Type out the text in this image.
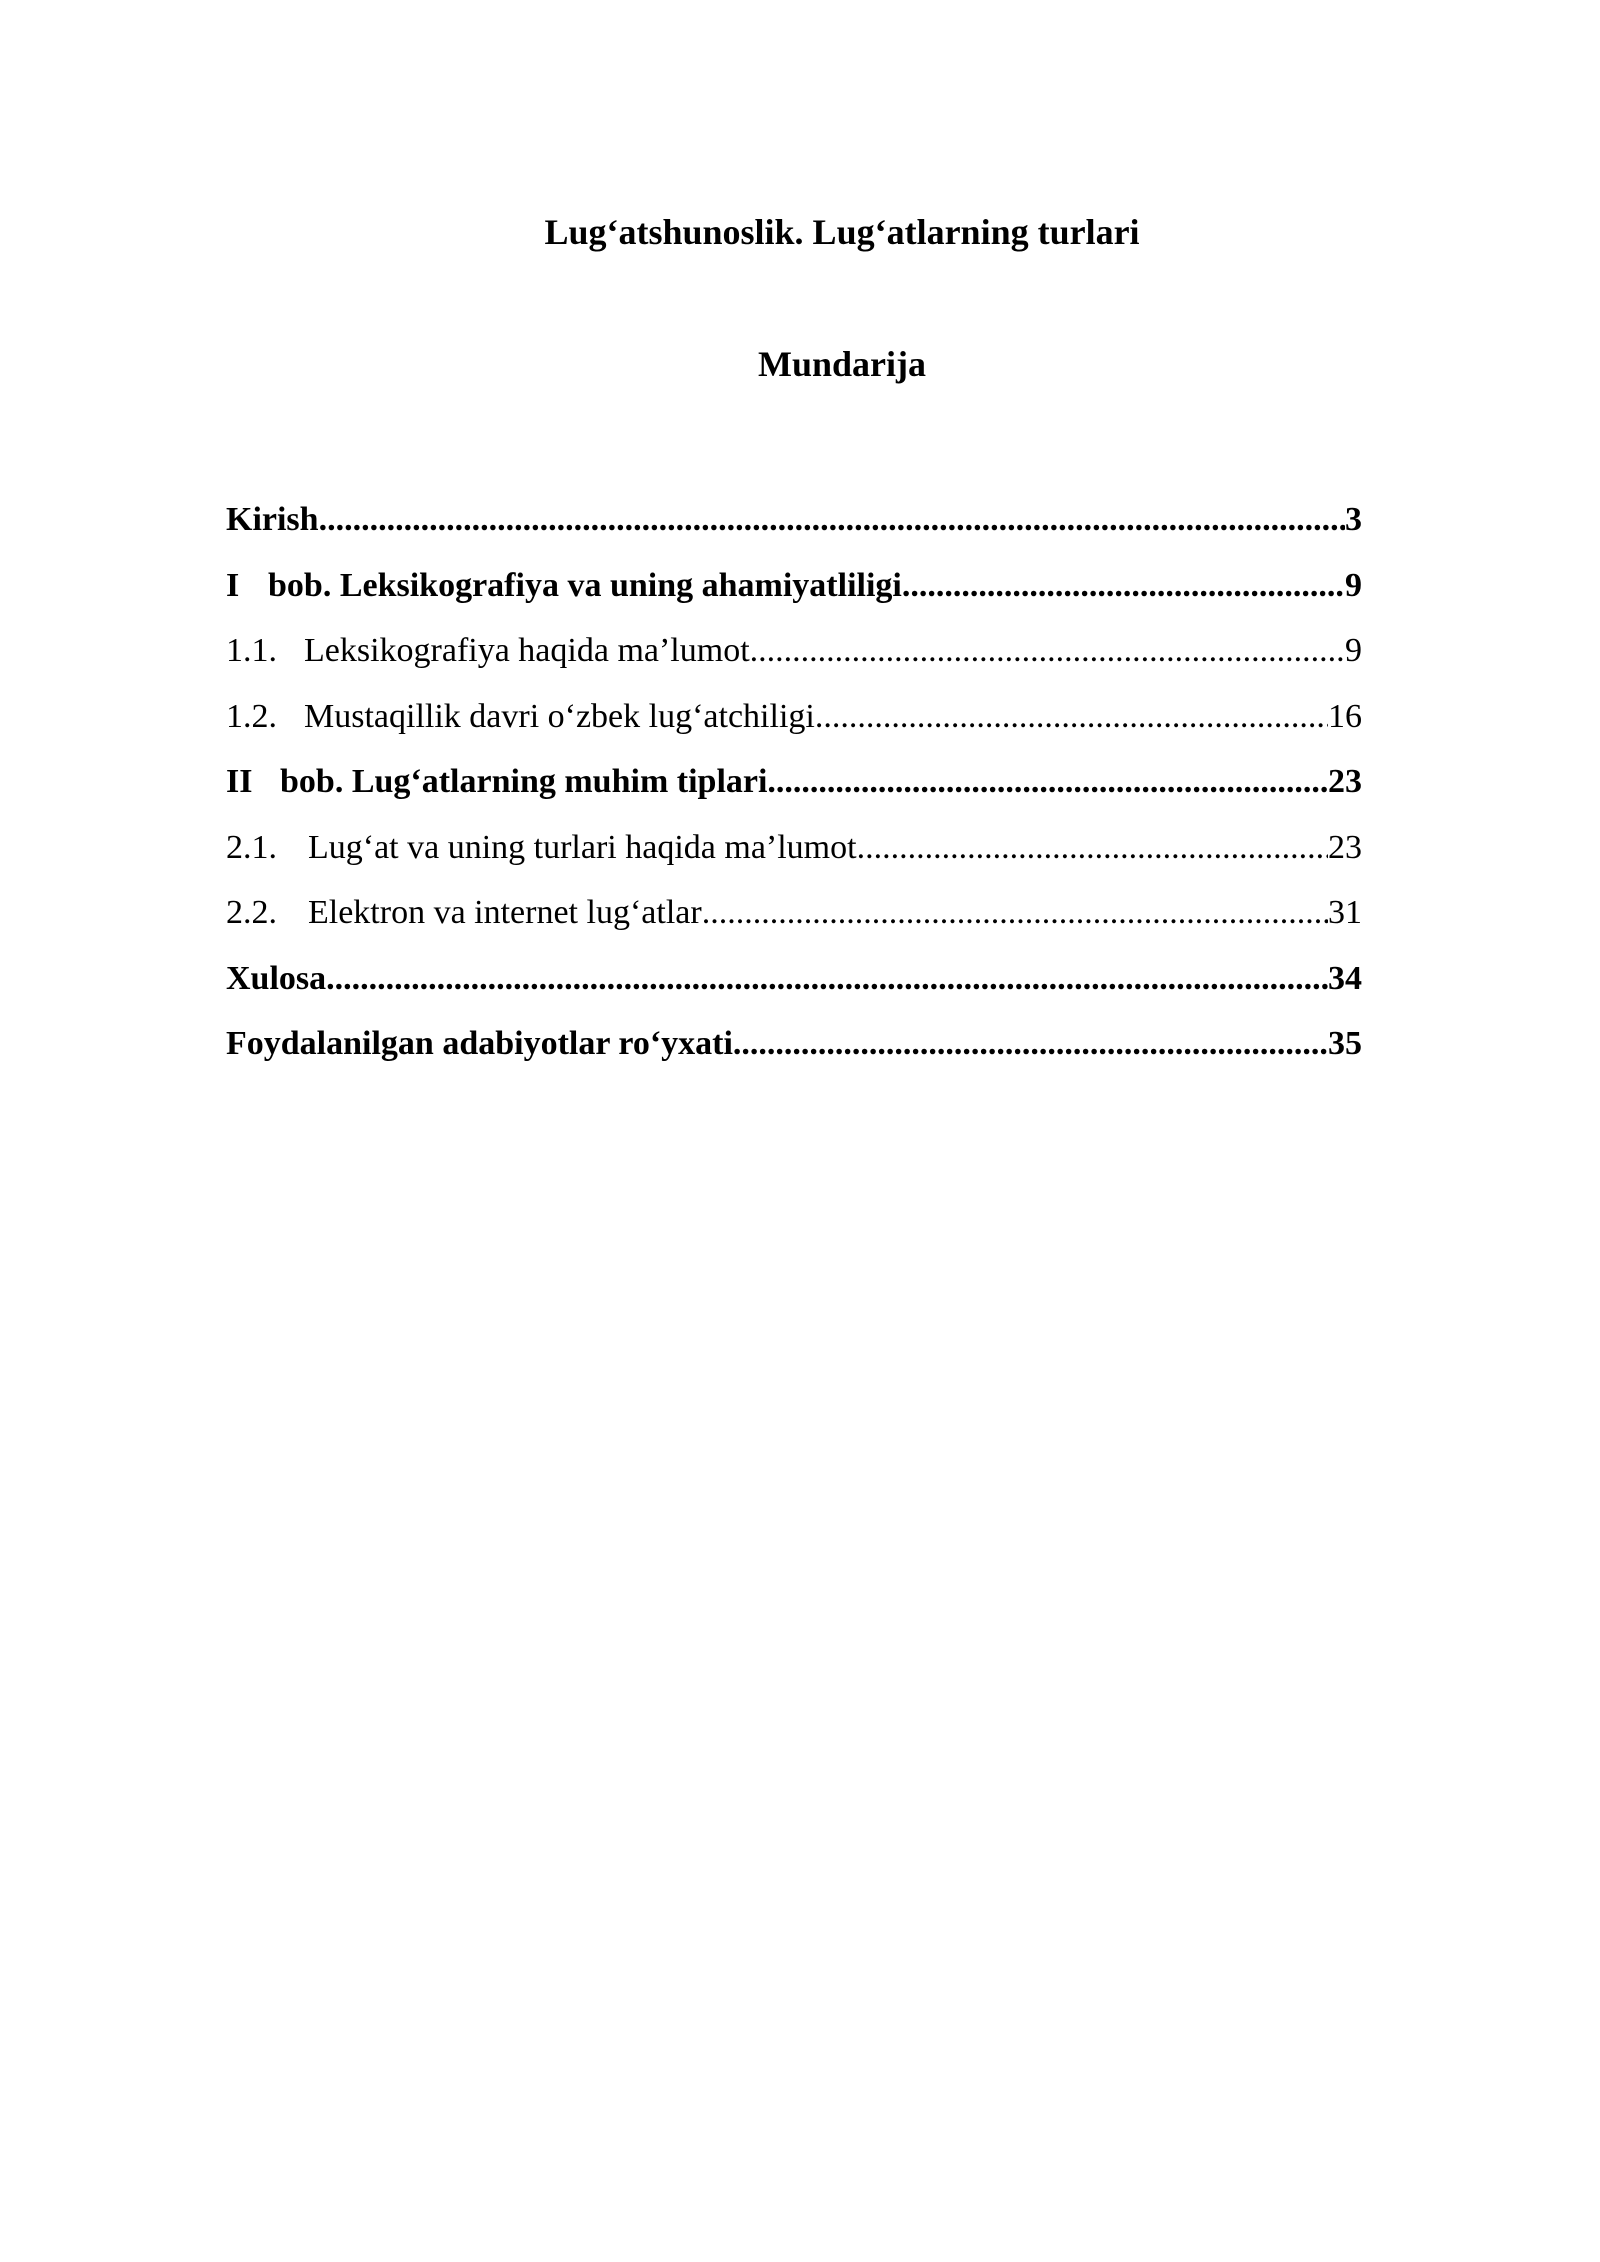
Lug‘atshunoslik. Lug‘atlarning turlari
Mundarija
Kirish .....	3
I bob. Leksikografiya va uning ahamiyatliligi .....	9
1.1. Leksikografiya haqida ma’lumot .....	9
1.2. Mustaqillik davri o‘zbek lug‘atchiligi .....	16
II bob. Lug‘atlarning muhim tiplari .....	23
2.1. Lug‘at va uning turlari haqida ma’lumot .....	23
2.2. Elektron va internet lug‘atlar .....	31
Xulosa .....	34
Foydalanilgan adabiyotlar ro‘yxati .....	35
